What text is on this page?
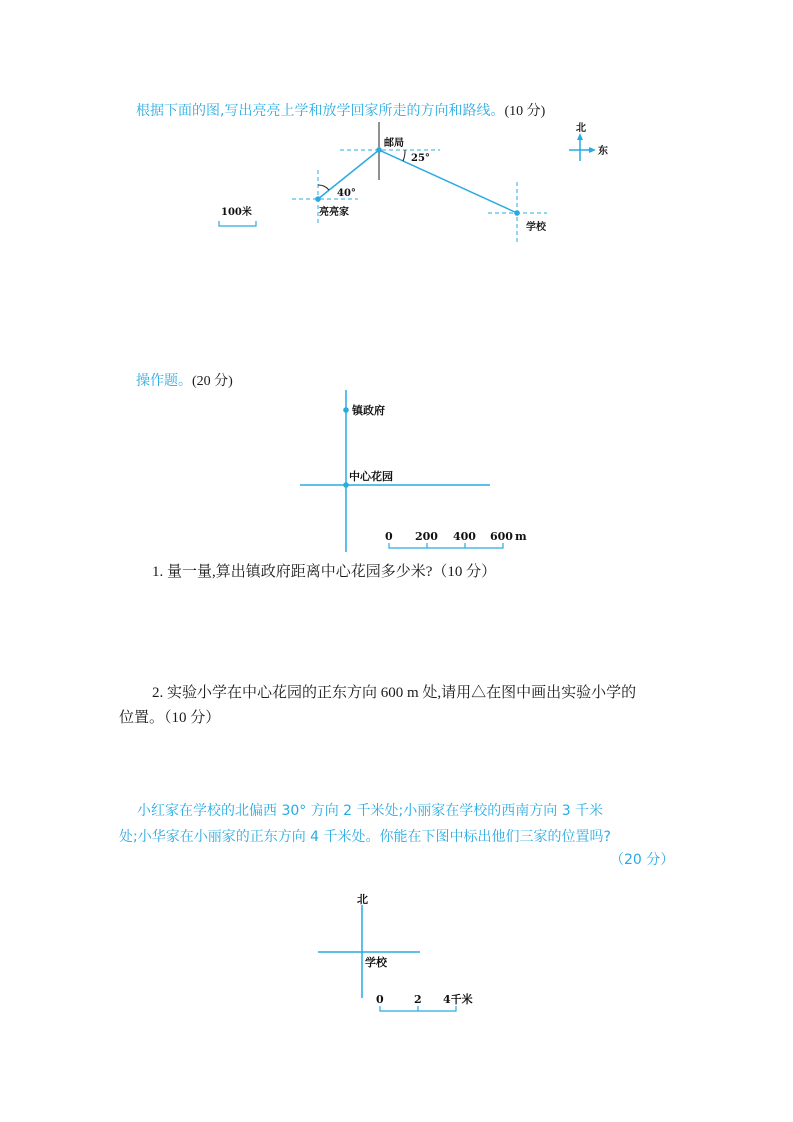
根据下面的图,写出亮亮上学和放学回家所走的方向和路线。(10 分)
邮局
25°
40°
亮亮家
学校
100米
北
东
操作题。(20 分)
镇政府
中心花园
0 200 400 600 m
1. 量一量,算出镇政府距离中心花园多少米?（10 分）
2. 实验小学在中心花园的正东方向 600 m 处,请用△在图中画出实验小学的
位置。（10 分）
小红家在学校的北偏西 30° 方向 2 千米处;小丽家在学校的西南方向 3 千米
处;小华家在小丽家的正东方向 4 千米处。你能在下图中标出他们三家的位置吗?
（20 分）
北
学校
0	2 4千米
